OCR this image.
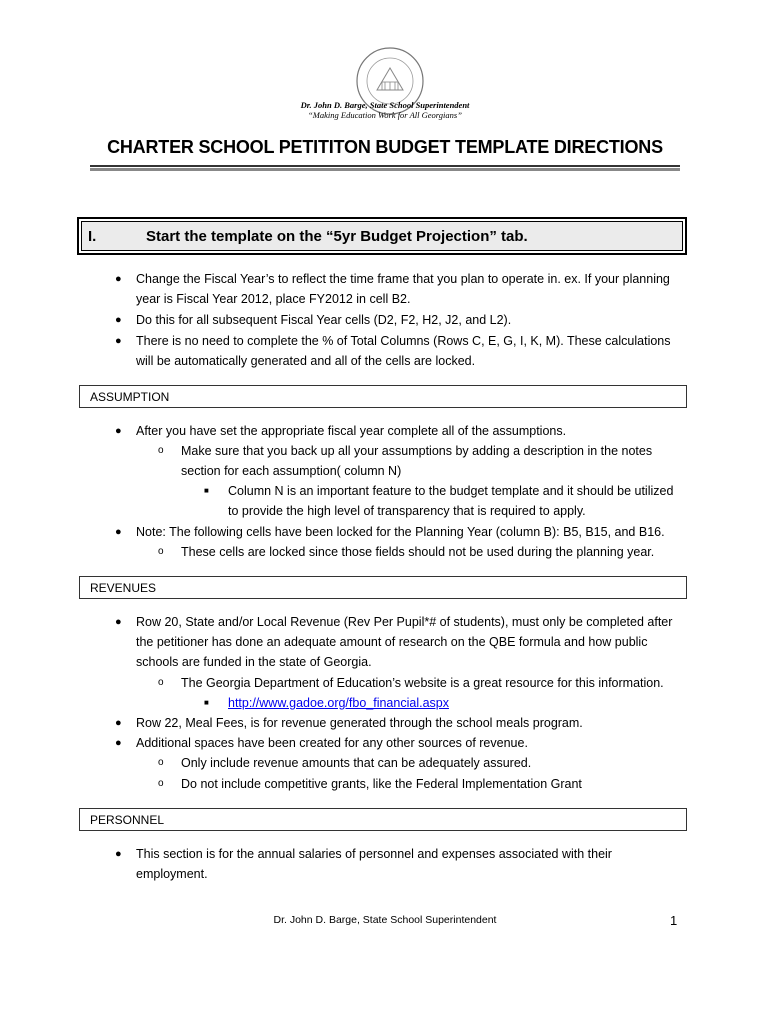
Dr. John D. Barge, State School Superintendent
“Making Education Work for All Georgians”
CHARTER SCHOOL PETITITON BUDGET TEMPLATE DIRECTIONS
I.	Start the template on the “5yr Budget Projection” tab.
● Change the Fiscal Year’s to reflect the time frame that you plan to operate in. ex. If your planning year is Fiscal Year 2012, place FY2012 in cell B2.
● Do this for all subsequent Fiscal Year cells (D2, F2, H2, J2, and L2).
● There is no need to complete the % of Total Columns (Rows C, E, G, I, K, M). These calculations will be automatically generated and all of the cells are locked.
ASSUMPTION
● After you have set the appropriate fiscal year complete all of the assumptions.
o Make sure that you back up all your assumptions by adding a description in the notes section for each assumption( column N)
■ Column N is an important feature to the budget template and it should be utilized to provide the high level of transparency that is required to apply.
● Note: The following cells have been locked for the Planning Year (column B): B5, B15, and B16.
o These cells are locked since those fields should not be used during the planning year.
REVENUES
● Row 20, State and/or Local Revenue (Rev Per Pupil*# of students), must only be completed after the petitioner has done an adequate amount of research on the QBE formula and how public schools are funded in the state of Georgia.
o The Georgia Department of Education’s website is a great resource for this information.
■ http://www.gadoe.org/fbo_financial.aspx
● Row 22, Meal Fees, is for revenue generated through the school meals program.
● Additional spaces have been created for any other sources of revenue.
o Only include revenue amounts that can be adequately assured.
o Do not include competitive grants, like the Federal Implementation Grant
PERSONNEL
● This section is for the annual salaries of personnel and expenses associated with their employment.
Dr. John D. Barge, State School Superintendent	1
